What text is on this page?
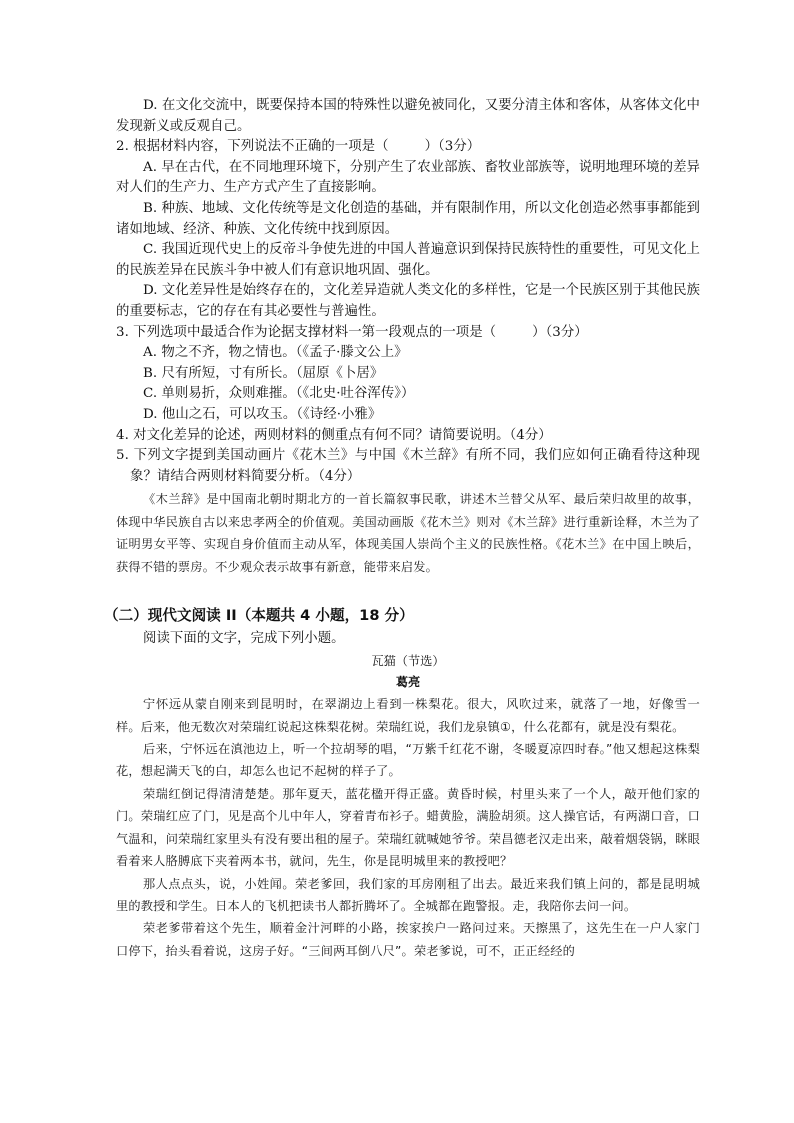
D. 在文化交流中，既要保持本国的特殊性以避免被同化，又要分清主体和客体，从客体文化中发现新义或反观自己。

2. 根据材料内容，下列说法不正确的一项是（	）（3分）

A. 早在古代，在不同地理环境下，分别产生了农业部族、畜牧业部族等，说明地理环境的差异对人们的生产力、生产方式产生了直接影响。

B. 种族、地域、文化传统等是文化创造的基础，并有限制作用，所以文化创造必然事事都能到诸如地域、经济、种族、文化传统中找到原因。

C. 我国近现代史上的反帝斗争使先进的中国人普遍意识到保持民族特性的重要性，可见文化上的民族差异在民族斗争中被人们有意识地巩固、强化。

D. 文化差异性是始终存在的，文化差异造就人类文化的多样性，它是一个民族区别于其他民族的重要标志，它的存在有其必要性与普遍性。

3. 下列选项中最适合作为论据支撑材料一第一段观点的一项是（	）（3分）

A. 物之不齐，物之情也。（《孟子·滕文公上》

B. 尺有所短，寸有所长。（屈原《卜居》

C. 单则易折，众则难摧。（《北史·吐谷浑传》）

D. 他山之石，可以攻玉。（《诗经·小雅》

4. 对文化差异的论述，两则材料的侧重点有何不同？请简要说明。（4分）

5. 下列文字提到美国动画片《花木兰》与中国《木兰辞》有所不同，我们应如何正确看待这种现象？请结合两则材料简要分析。（4分）

《木兰辞》是中国南北朝时期北方的一首长篇叙事民歌，讲述木兰替父从军、最后荣归故里的故事，体现中华民族自古以来忠孝两全的价值观。美国动画版《花木兰》则对《木兰辞》进行重新诠释，木兰为了证明男女平等、实现自身价值而主动从军，体现美国人崇尚个主义的民族性格。《花木兰》在中国上映后，获得不错的票房。不少观众表示故事有新意，能带来启发。

（二）现代文阅读 II（本题共 4 小题，18 分）

阅读下面的文字，完成下列小题。

瓦猫（节选）

葛亮

宁怀远从蒙自刚来到昆明时，在翠湖边上看到一株梨花。很大，风吹过来，就落了一地，好像雪一样。后来，他无数次对荣瑞红说起这株梨花树。荣瑞红说，我们龙泉镇①，什么花都有，就是没有梨花。

后来，宁怀远在滇池边上，听一个拉胡琴的唱，“万紫千红花不谢，冬暖夏凉四时春。”他又想起这株梨花，想起满天飞的白，却怎么也记不起树的样子了。

荣瑞红倒记得清清楚楚。那年夏天，蓝花楹开得正盛。黄昏时候，村里头来了一个人，敲开他们家的门。荣瑞红应了门，见是高个儿中年人，穿着青布衫子。蜡黄脸，满脸胡须。这人操官话，有两湖口音，口气温和，问荣瑞红家里头有没有要出租的屋子。荣瑞红就喊她爷爷。荣昌德老汉走出来，敲着烟袋锅，眯眼看着来人胳膊底下夹着两本书，就问，先生，你是昆明城里来的教授吧？

那人点点头，说，小姓闻。荣老爹回，我们家的耳房刚租了出去。最近来我们镇上问的，都是昆明城里的教授和学生。日本人的飞机把读书人都折腾坏了。全城都在跑警报。走，我陪你去问一问。

荣老爹带着这个先生，顺着金汁河畔的小路，挨家挨户一路问过来。天擦黑了，这先生在一户人家门口停下，抬头看着说，这房子好。“三间两耳倒八尺”。荣老爹说，可不，正正经经的
